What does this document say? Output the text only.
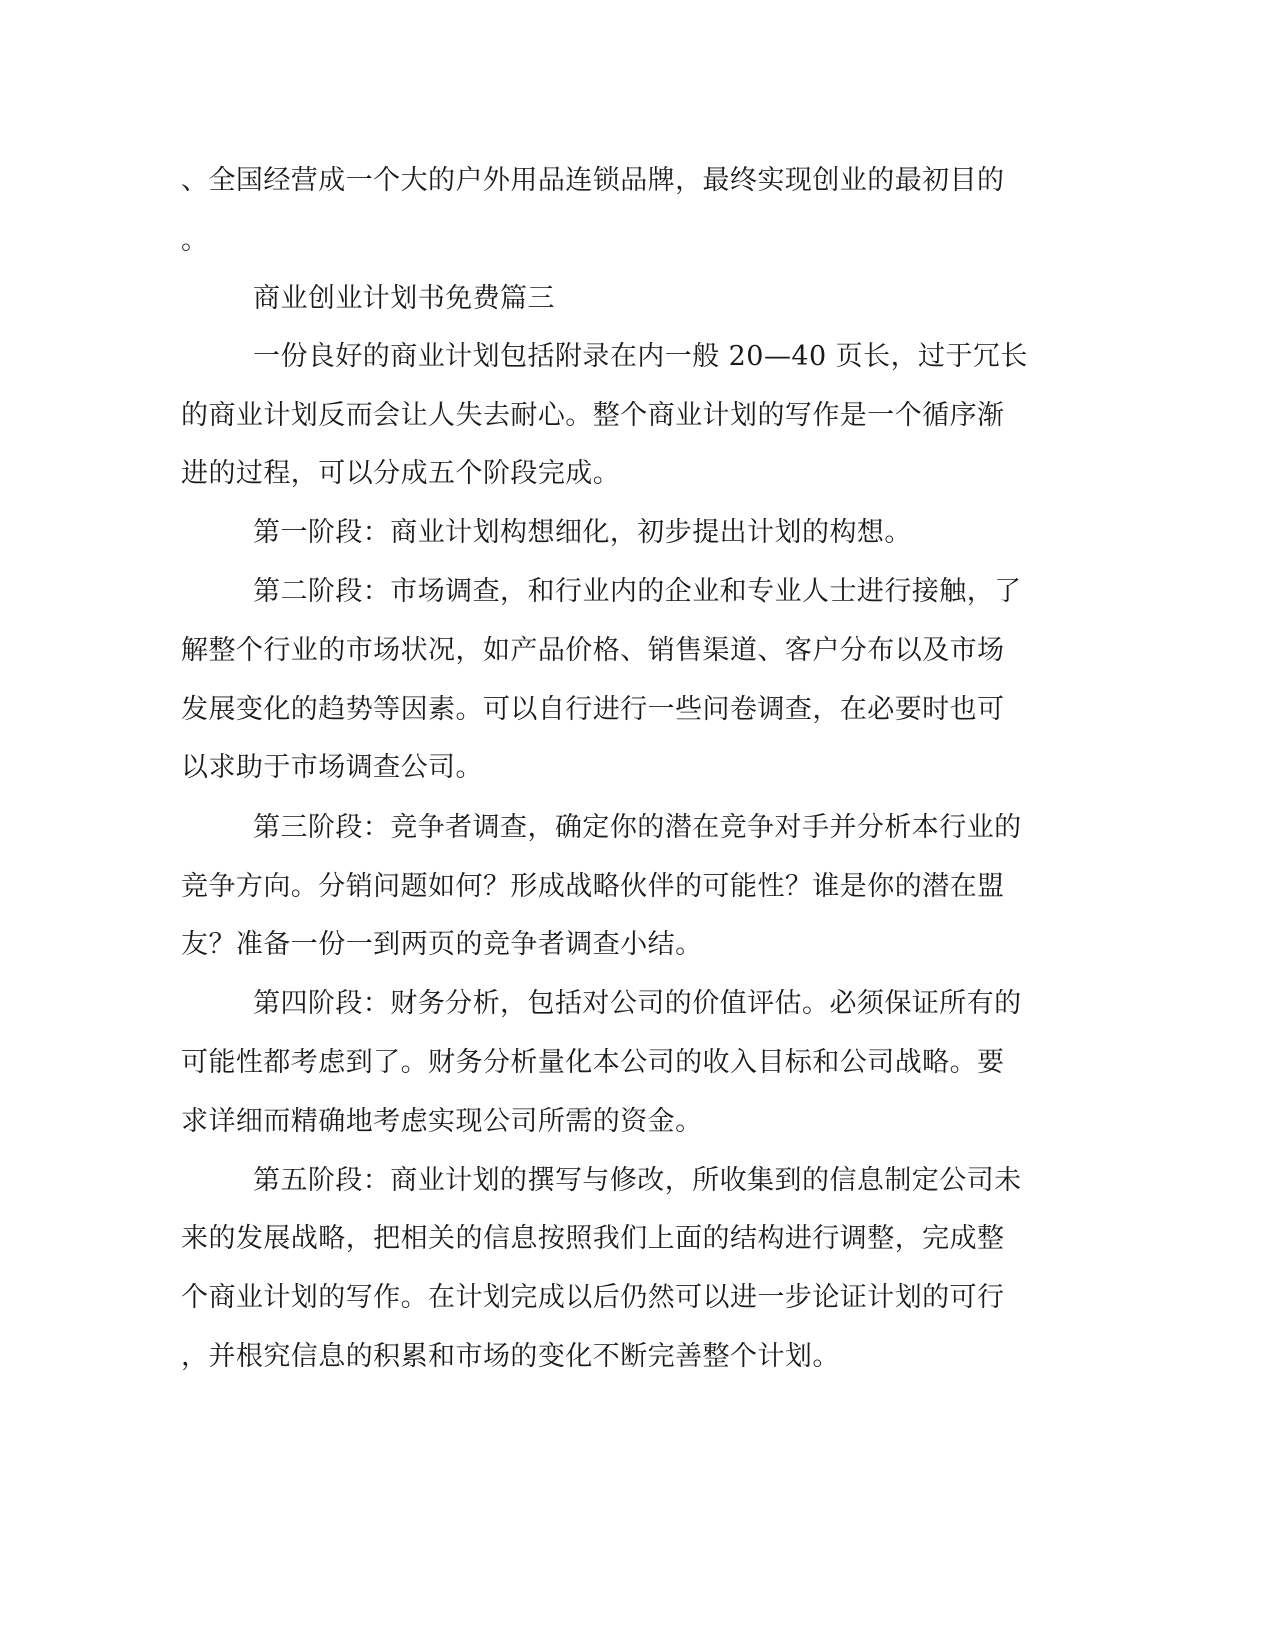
、全国经营成一个大的户外用品连锁品牌，最终实现创业的最初目的
。
商业创业计划书免费篇三
一份良好的商业计划包括附录在内一般 20—40 页长，过于冗长
的商业计划反而会让人失去耐心。整个商业计划的写作是一个循序渐
进的过程，可以分成五个阶段完成。
第一阶段：商业计划构想细化，初步提出计划的构想。
第二阶段：市场调查，和行业内的企业和专业人士进行接触，了
解整个行业的市场状况，如产品价格、销售渠道、客户分布以及市场
发展变化的趋势等因素。可以自行进行一些问卷调查，在必要时也可
以求助于市场调查公司。
第三阶段：竞争者调查，确定你的潜在竞争对手并分析本行业的
竞争方向。分销问题如何？形成战略伙伴的可能性？谁是你的潜在盟
友？准备一份一到两页的竞争者调查小结。
第四阶段：财务分析，包括对公司的价值评估。必须保证所有的
可能性都考虑到了。财务分析量化本公司的收入目标和公司战略。要
求详细而精确地考虑实现公司所需的资金。
第五阶段：商业计划的撰写与修改，所收集到的信息制定公司未
来的发展战略，把相关的信息按照我们上面的结构进行调整，完成整
个商业计划的写作。在计划完成以后仍然可以进一步论证计划的可行
，并根究信息的积累和市场的变化不断完善整个计划。
